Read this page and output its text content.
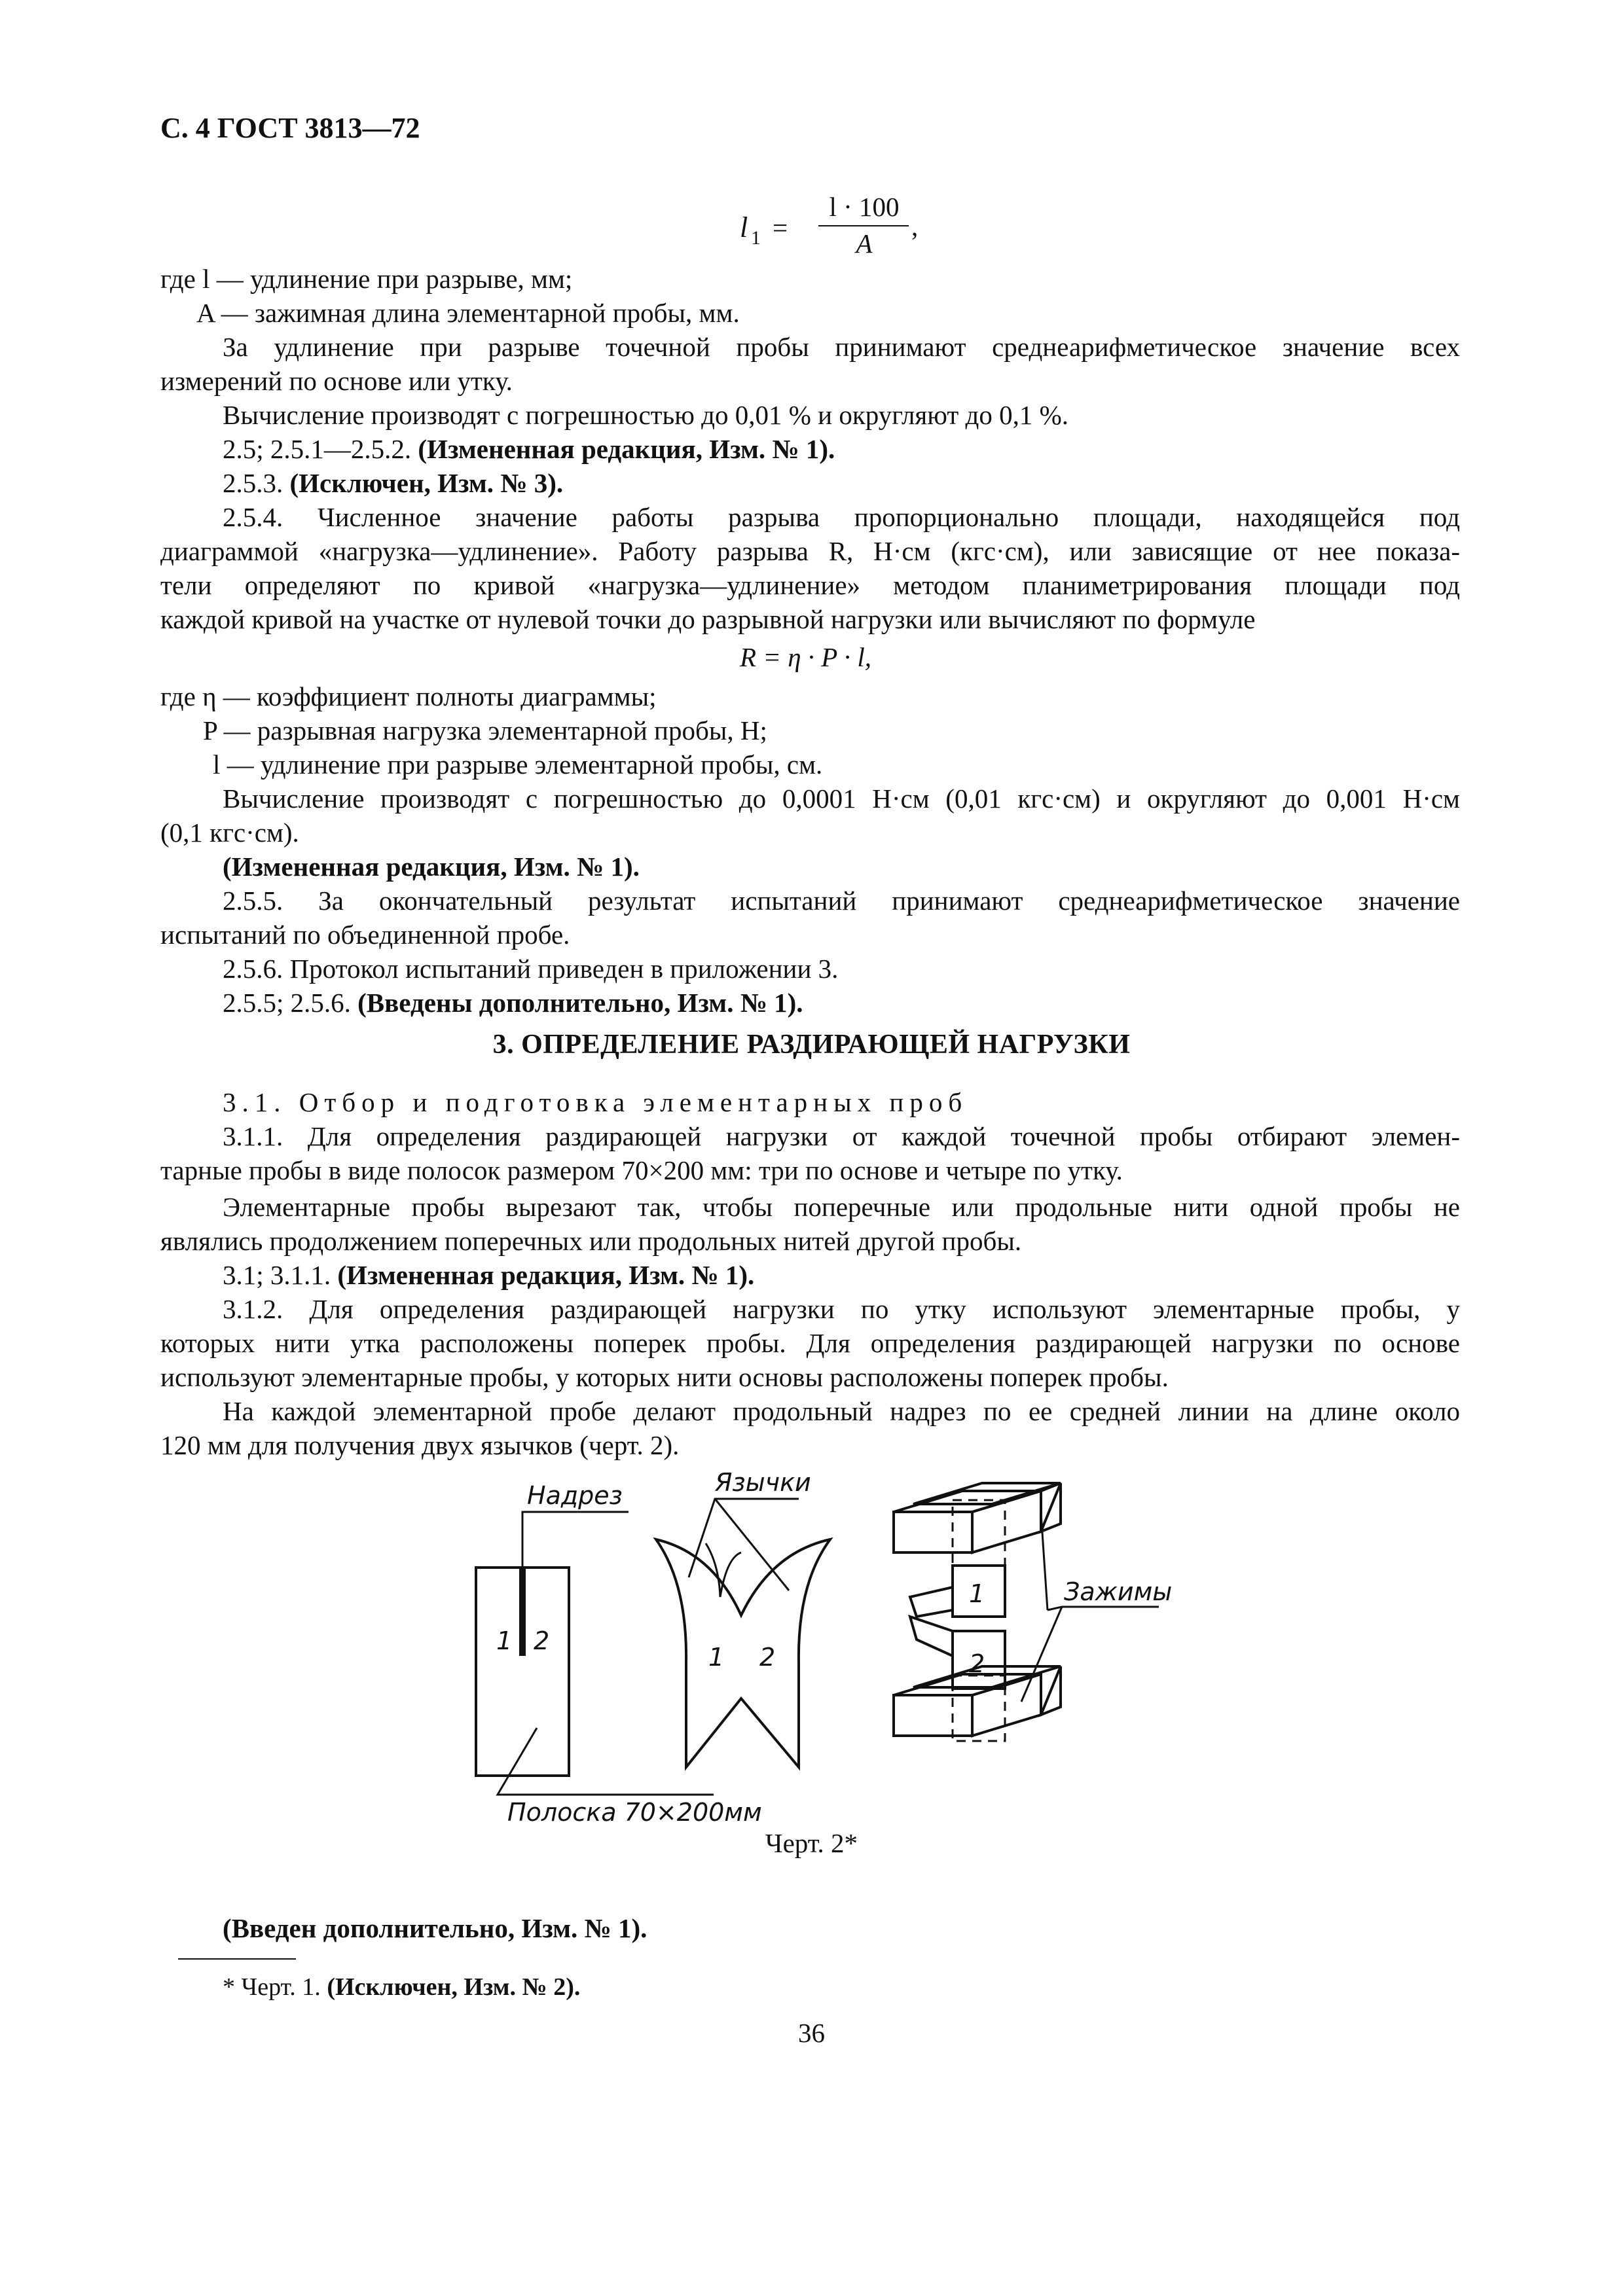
С. 4 ГОСТ 3813—72
l 1 =
l · 100
A
,
где l — удлинение при разрыве, мм;
A — зажимная длина элементарной пробы, мм.
За удлинение при разрыве точечной пробы принимают среднеарифметическое значение всех
измерений по основе или утку.
Вычисление производят с погрешностью до 0,01 % и округляют до 0,1 %.
2.5; 2.5.1—2.5.2. (Измененная редакция, Изм. № 1).
2.5.3. (Исключен, Изм. № 3).
2.5.4. Численное значение работы разрыва пропорционально площади, находящейся под
диаграммой «нагрузка—удлинение». Работу разрыва R, Н·см (кгс·см), или зависящие от нее показа-
тели определяют по кривой «нагрузка—удлинение» методом планиметрирования площади под
каждой кривой на участке от нулевой точки до разрывной нагрузки или вычисляют по формуле
R = η · P · l,
где η — коэффициент полноты диаграммы;
P — разрывная нагрузка элементарной пробы, Н;
l — удлинение при разрыве элементарной пробы, см.
Вычисление производят с погрешностью до 0,0001 Н·см (0,01 кгс·см) и округляют до 0,001 Н·см
(0,1 кгс·см).
(Измененная редакция, Изм. № 1).
2.5.5. За окончательный результат испытаний принимают среднеарифметическое значение
испытаний по объединенной пробе.
2.5.6. Протокол испытаний приведен в приложении 3.
2.5.5; 2.5.6. (Введены дополнительно, Изм. № 1).
3. ОПРЕДЕЛЕНИЕ РАЗДИРАЮЩЕЙ НАГРУЗКИ
3.1. Отбор и подготовка элементарных проб
3.1.1. Для определения раздирающей нагрузки от каждой точечной пробы отбирают элемен-
тарные пробы в виде полосок размером 70×200 мм: три по основе и четыре по утку.
Элементарные пробы вырезают так, чтобы поперечные или продольные нити одной пробы не
являлись продолжением поперечных или продольных нитей другой пробы.
3.1; 3.1.1. (Измененная редакция, Изм. № 1).
3.1.2. Для определения раздирающей нагрузки по утку используют элементарные пробы, у
которых нити утка расположены поперек пробы. Для определения раздирающей нагрузки по основе
используют элементарные пробы, у которых нити основы расположены поперек пробы.
На каждой элементарной пробе делают продольный надрез по ее средней линии на длине около
120 мм для получения двух язычков (черт. 2).
Надрез	Язычки
Зажимы
Полоска 70×200мм
1 2
1 2
1
2
Черт. 2*
(Введен дополнительно, Изм. № 1).
* Черт. 1. (Исключен, Изм. № 2).
36
